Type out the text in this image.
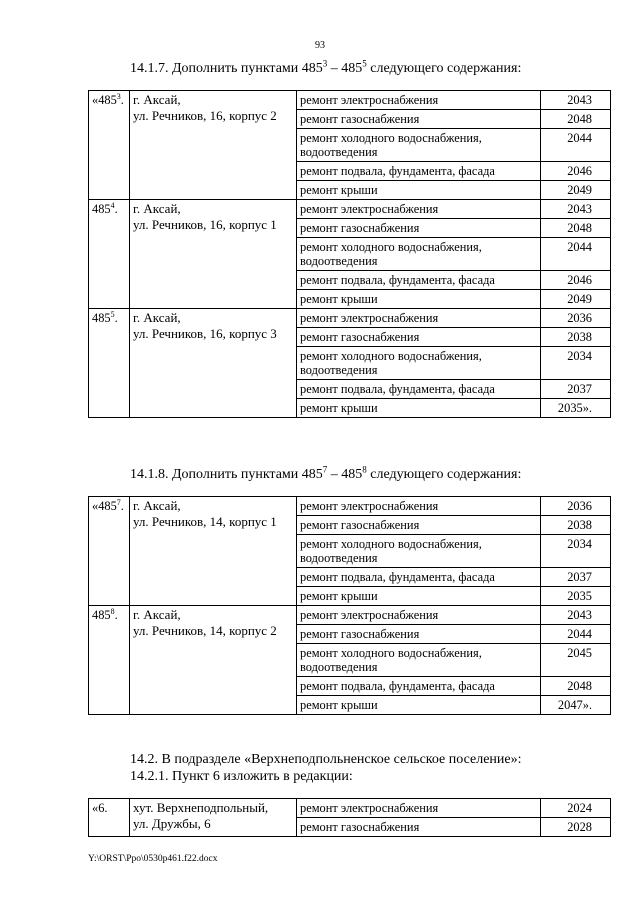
93
14.1.7. Дополнить пунктами $485^3 - 485^5$ следующего содержания:
«$485^3$.	г. Аксай,
ул. Речников, 16, корпус 2	ремонт электроснабжения	2043
		ремонт газоснабжения	2048
		ремонт холодного водоснабжения, водоотведения	2044
		ремонт подвала, фундамента, фасада	2046
		ремонт крыши	2049
$485^4$.	г. Аксай,
ул. Речников, 16, корпус 1	ремонт электроснабжения	2043
		ремонт газоснабжения	2048
		ремонт холодного водоснабжения, водоотведения	2044
		ремонт подвала, фундамента, фасада	2046
		ремонт крыши	2049
$485^5$.	г. Аксай,
ул. Речников, 16, корпус 3	ремонт электроснабжения	2036
		ремонт газоснабжения	2038
		ремонт холодного водоснабжения, водоотведения	2034
		ремонт подвала, фундамента, фасада	2037
		ремонт крыши	2035».
14.1.8. Дополнить пунктами $485^7 - 485^8$ следующего содержания:
«$485^7$.	г. Аксай,
ул. Речников, 14, корпус 1	ремонт электроснабжения	2036
		ремонт газоснабжения	2038
		ремонт холодного водоснабжения, водоотведения	2034
		ремонт подвала, фундамента, фасада	2037
		ремонт крыши	2035
$485^8$.	г. Аксай,
ул. Речников, 14, корпус 2	ремонт электроснабжения	2043
		ремонт газоснабжения	2044
		ремонт холодного водоснабжения, водоотведения	2045
		ремонт подвала, фундамента, фасада	2048
		ремонт крыши	2047».
14.2. В подразделе «Верхнеподпольненское сельское поселение»:
14.2.1. Пункт 6 изложить в редакции:
«6.	хут. Верхнеподпольный,
ул. Дружбы, 6	ремонт электроснабжения	2024
		ремонт газоснабжения	2028
Y:\ORST\Ppo\0530p461.f22.docx
